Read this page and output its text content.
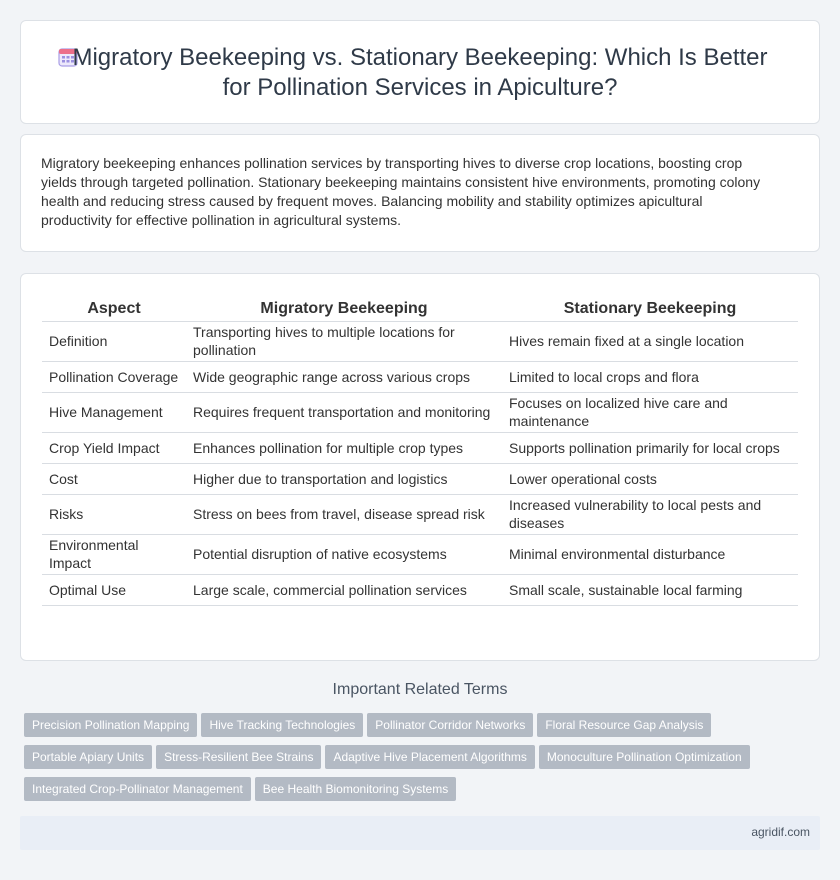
Migratory Beekeeping vs. Stationary Beekeeping: Which Is Better
for Pollination Services in Apiculture?

Migratory beekeeping enhances pollination services by transporting hives to diverse crop locations, boosting crop
yields through targeted pollination. Stationary beekeeping maintains consistent hive environments, promoting colony
health and reducing stress caused by frequent moves. Balancing mobility and stability optimizes apicultural
productivity for effective pollination in agricultural systems.

Aspect	Migratory Beekeeping	Stationary Beekeeping
Definition	Transporting hives to multiple locations for pollination	Hives remain fixed at a single location
Pollination Coverage	Wide geographic range across various crops	Limited to local crops and flora
Hive Management	Requires frequent transportation and monitoring	Focuses on localized hive care and maintenance
Crop Yield Impact	Enhances pollination for multiple crop types	Supports pollination primarily for local crops
Cost	Higher due to transportation and logistics	Lower operational costs
Risks	Stress on bees from travel, disease spread risk	Increased vulnerability to local pests and diseases
Environmental Impact	Potential disruption of native ecosystems	Minimal environmental disturbance
Optimal Use	Large scale, commercial pollination services	Small scale, sustainable local farming
Important Related Terms
Precision Pollination Mapping Hive Tracking Technologies Pollinator Corridor Networks Floral Resource Gap Analysis
Portable Apiary Units Stress-Resilient Bee Strains Adaptive Hive Placement Algorithms Monoculture Pollination Optimization
Integrated Crop-Pollinator Management Bee Health Biomonitoring Systems
agridif.com
